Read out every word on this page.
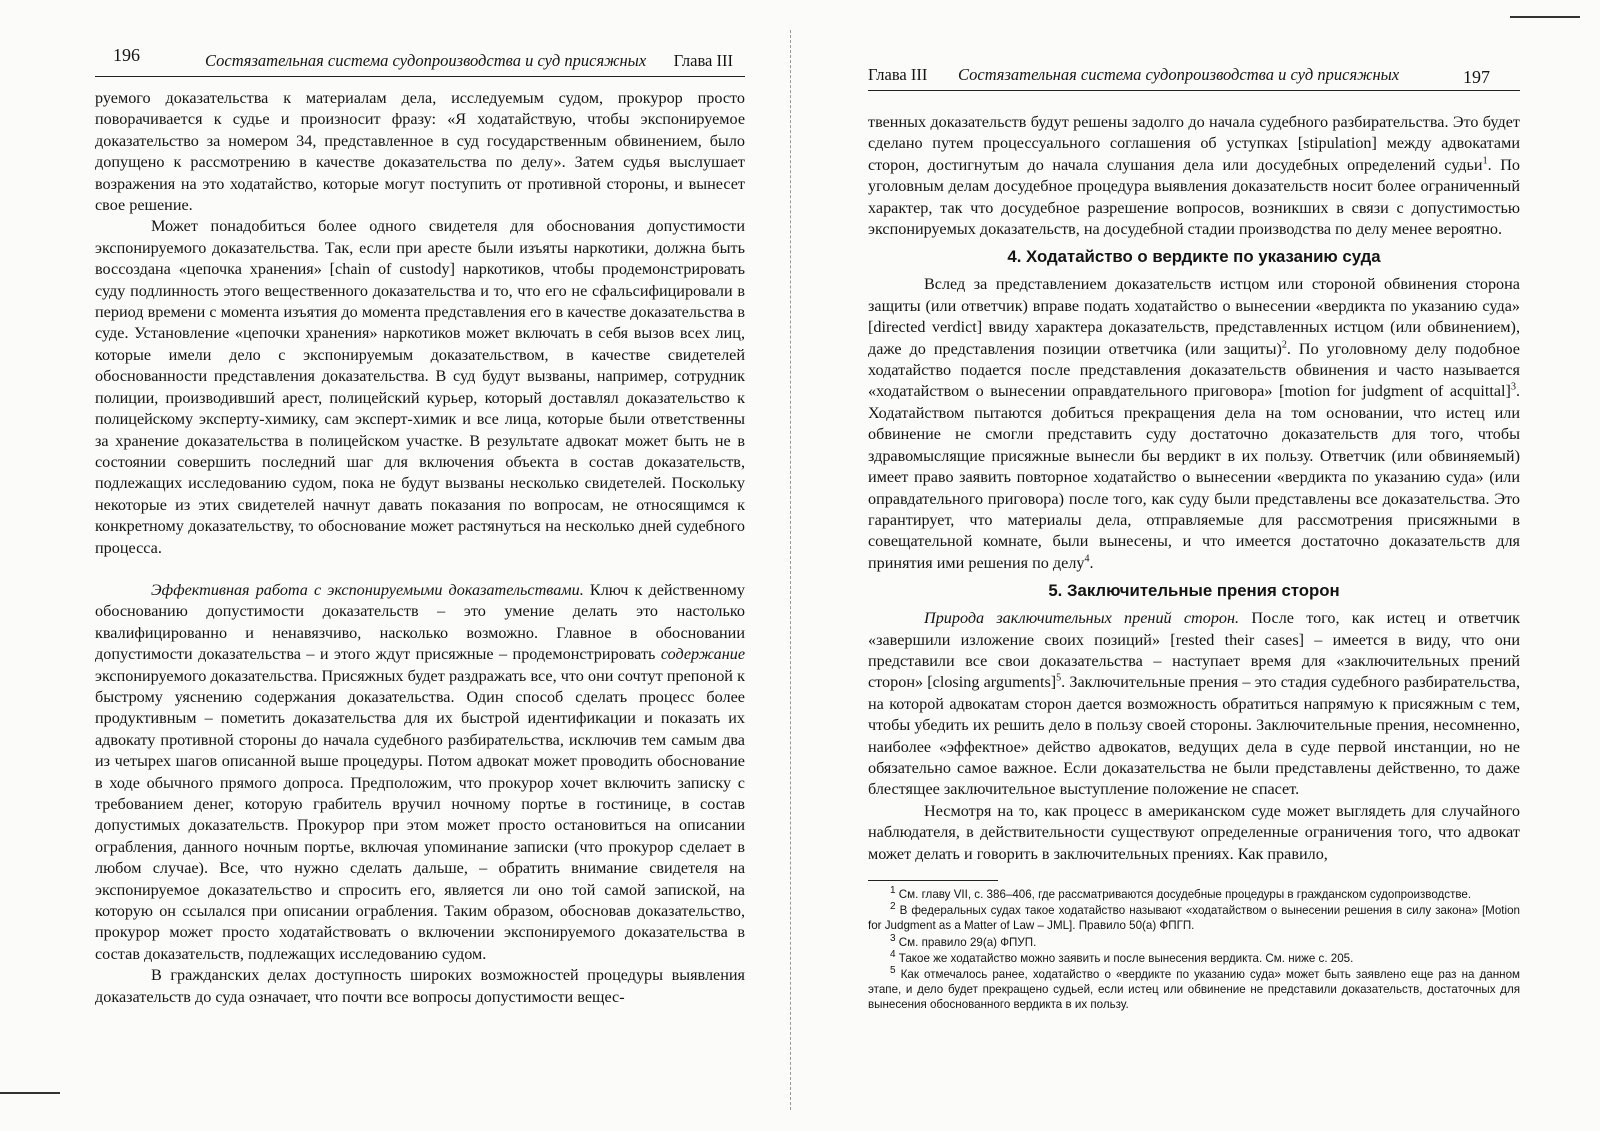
196	Состязательная система судопроизводства и суд присяжных Глава III

руемого доказательства к материалам дела, исследуемым судом, прокурор просто поворачивается к судье и произносит фразу: «Я ходатайствую, чтобы экспонируемое доказательство за номером 34, представленное в суд государственным обвинением, было допущено к рассмотрению в качестве доказательства по делу». Затем судья выслушает возражения на это ходатайство, которые могут поступить от противной стороны, и вынесет свое решение.

Может понадобиться более одного свидетеля для обоснования допустимости экспонируемого доказательства. Так, если при аресте были изъяты наркотики, должна быть воссоздана «цепочка хранения» [chain of custody] наркотиков, чтобы продемонстрировать суду подлинность этого вещественного доказательства и то, что его не сфальсифицировали в период времени с момента изъятия до момента представления его в качестве доказательства в суде. Установление «цепочки хранения» наркотиков может включать в себя вызов всех лиц, которые имели дело с экспонируемым доказательством, в качестве свидетелей обоснованности представления доказательства. В суд будут вызваны, например, сотрудник полиции, производивший арест, полицейский курьер, который доставлял доказательство к полицейскому эксперту-химику, сам эксперт-химик и все лица, которые были ответственны за хранение доказательства в полицейском участке. В результате адвокат может быть не в состоянии совершить последний шаг для включения объекта в состав доказательств, подлежащих исследованию судом, пока не будут вызваны несколько свидетелей. Поскольку некоторые из этих свидетелей начнут давать показания по вопросам, не относящимся к конкретному доказательству, то обоснование может растянуться на несколько дней судебного процесса.

Эффективная работа с экспонируемыми доказательствами. Ключ к действенному обоснованию допустимости доказательств – это умение делать это настолько квалифицированно и ненавязчиво, насколько возможно. Главное в обосновании допустимости доказательства – и этого ждут присяжные – продемонстрировать содержание экспонируемого доказательства. Присяжных будет раздражать все, что они сочтут препоной к быстрому уяснению содержания доказательства. Один способ сделать процесс более продуктивным – пометить доказательства для их быстрой идентификации и показать их адвокату противной стороны до начала судебного разбирательства, исключив тем самым два из четырех шагов описанной выше процедуры. Потом адвокат может проводить обоснование в ходе обычного прямого допроса. Предположим, что прокурор хочет включить записку с требованием денег, которую грабитель вручил ночному портье в гостинице, в состав допустимых доказательств. Прокурор при этом может просто остановиться на описании ограбления, данного ночным портье, включая упоминание записки (что прокурор сделает в любом случае). Все, что нужно сделать дальше, – обратить внимание свидетеля на экспонируемое доказательство и спросить его, является ли оно той самой запиской, на которую он ссылался при описании ограбления. Таким образом, обосновав доказательство, прокурор может просто ходатайствовать о включении экспонируемого доказательства в состав доказательств, подлежащих исследованию судом.

В гражданских делах доступность широких возможностей процедуры выявления доказательств до суда означает, что почти все вопросы допустимости вещес-

Глава III Состязательная система судопроизводства и суд присяжных	197

твенных доказательств будут решены задолго до начала судебного разбирательства. Это будет сделано путем процессуального соглашения об уступках [stipulation] между адвокатами сторон, достигнутым до начала слушания дела или досудебных определений судьи$^1$. По уголовным делам досудебное процедура выявления доказательств носит более ограниченный характер, так что досудебное разрешение вопросов, возникших в связи с допустимостью экспонируемых доказательств, на досудебной стадии производства по делу менее вероятно.

4. Ходатайство о вердикте по указанию суда

Вслед за представлением доказательств истцом или стороной обвинения сторона защиты (или ответчик) вправе подать ходатайство о вынесении «вердикта по указанию суда» [directed verdict] ввиду характера доказательств, представленных истцом (или обвинением), даже до представления позиции ответчика (или защиты)$^2$. По уголовному делу подобное ходатайство подается после представления доказательств обвинения и часто называется «ходатайством о вынесении оправдательного приговора» [motion for judgment of acquittal]$^3$. Ходатайством пытаются добиться прекращения дела на том основании, что истец или обвинение не смогли представить суду достаточно доказательств для того, чтобы здравомыслящие присяжные вынесли бы вердикт в их пользу. Ответчик (или обвиняемый) имеет право заявить повторное ходатайство о вынесении «вердикта по указанию суда» (или оправдательного приговора) после того, как суду были представлены все доказательства. Это гарантирует, что материалы дела, отправляемые для рассмотрения присяжными в совещательной комнате, были вынесены, и что имеется достаточно доказательств для принятия ими решения по делу$^4$.

5. Заключительные прения сторон

Природа заключительных прений сторон. После того, как истец и ответчик «завершили изложение своих позиций» [rested their cases] – имеется в виду, что они представили все свои доказательства – наступает время для «заключительных прений сторон» [closing arguments]$^5$. Заключительные прения – это стадия судебного разбирательства, на которой адвокатам сторон дается возможность обратиться напрямую к присяжным с тем, чтобы убедить их решить дело в пользу своей стороны. Заключительные прения, несомненно, наиболее «эффектное» действо адвокатов, ведущих дела в суде первой инстанции, но не обязательно самое важное. Если доказательства не были представлены действенно, то даже блестящее заключительное выступление положение не спасет.

Несмотря на то, как процесс в американском суде может выглядеть для случайного наблюдателя, в действительности существуют определенные ограничения того, что адвокат может делать и говорить в заключительных прениях. Как правило,

$^1$ См. главу VII, с. 386–406, где рассматриваются досудебные процедуры в гражданском судопроизводстве.

$^2$ В федеральных судах такое ходатайство называют «ходатайством о вынесении решения в силу закона» [Motion for Judgment as a Matter of Law – JML]. Правило 50(а) ФПГП.

$^3$ См. правило 29(а) ФПУП.

$^4$ Такое же ходатайство можно заявить и после вынесения вердикта. См. ниже с. 205.

$^5$ Как отмечалось ранее, ходатайство о «вердикте по указанию суда» может быть заявлено еще раз на данном этапе, и дело будет прекращено судьей, если истец или обвинение не представили доказательств, достаточных для вынесения обоснованного вердикта в их пользу.
